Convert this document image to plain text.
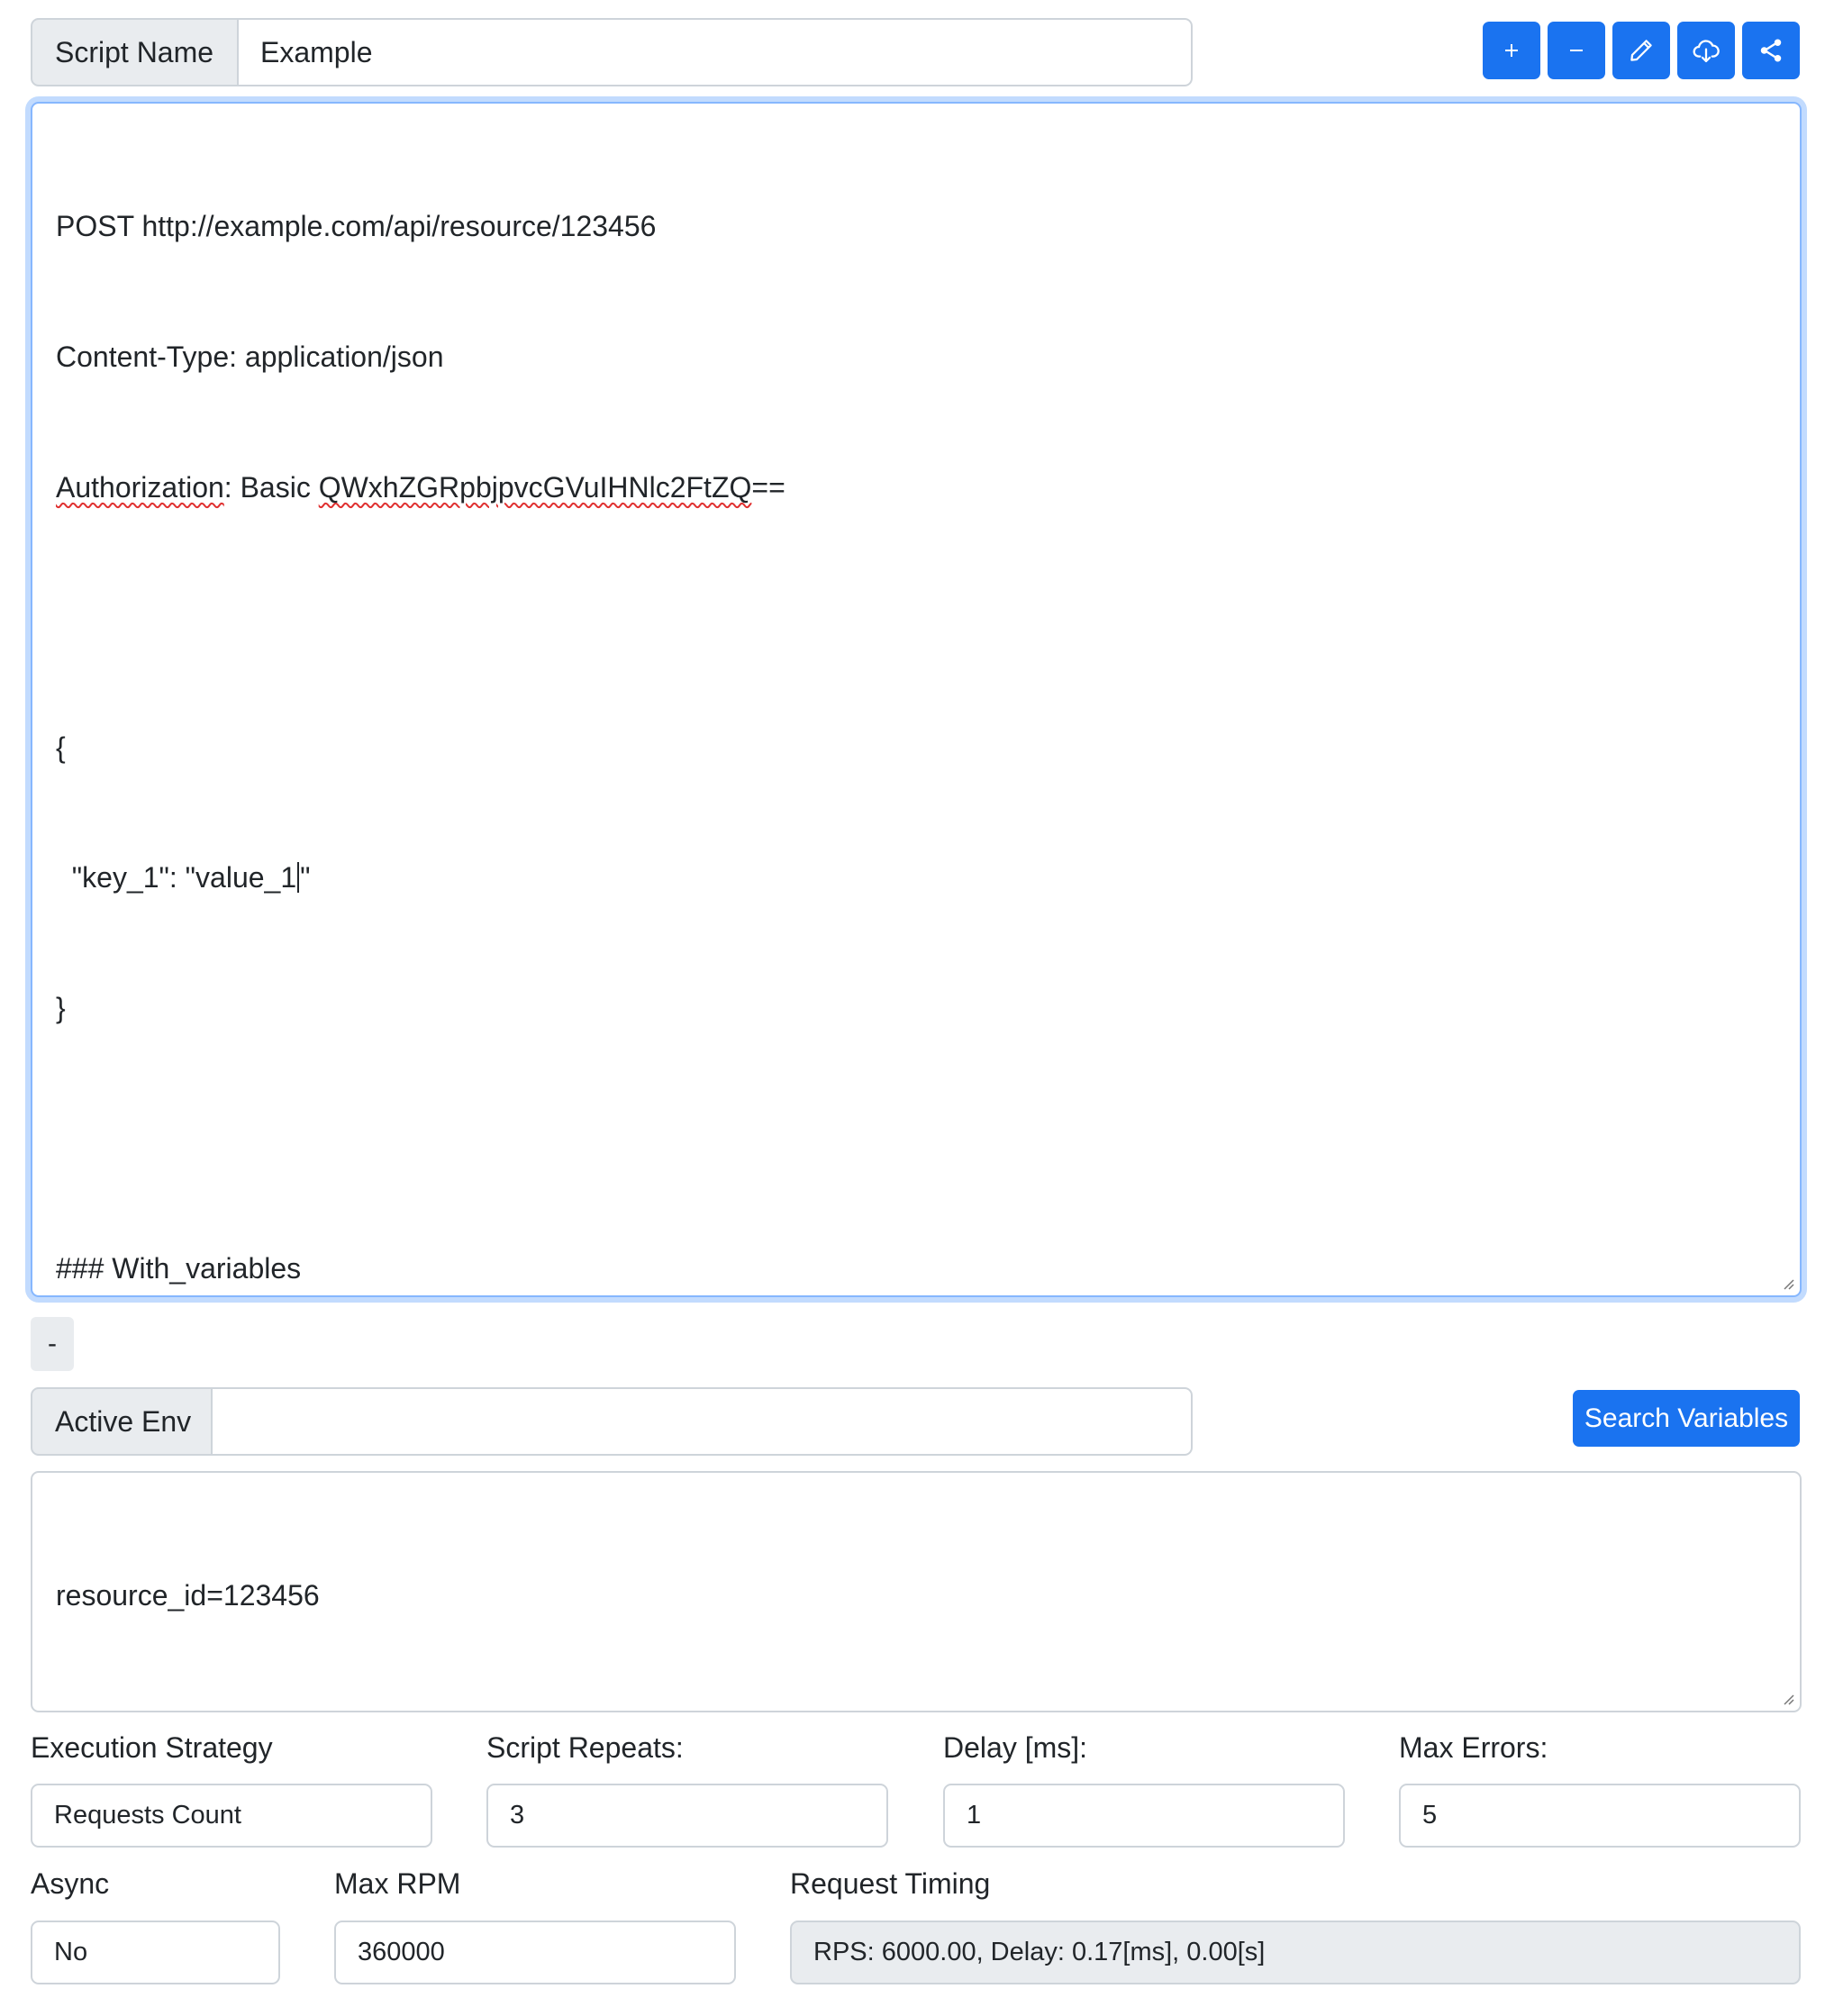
Script Name Example

POST http://example.com/api/resource/123456

Content-Type: application/json

Authorization: Basic QWxhZGRpbjpvcGVuIHNlc2FtZQ==

{

"key_1": "value_1 "

}

### With_variables

-
Active Env	Search Variables

resource_id=123456

Execution Strategy
Requests Count
Script Repeats:
3
Delay [ms]:
1
Max Errors:
5
Async
No
Max RPM
360000
Request Timing
RPS: 6000.00, Delay: 0.17[ms], 0.00[s]
